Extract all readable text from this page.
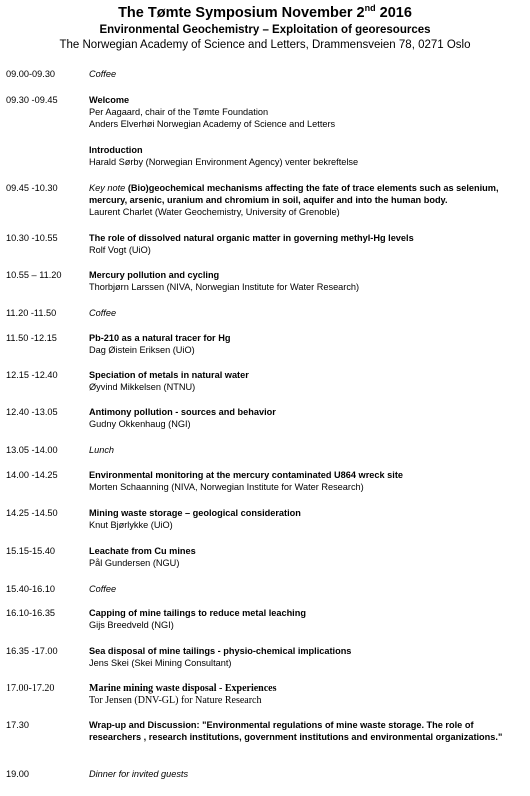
The Tømte Symposium November 2nd 2016
Environmental Geochemistry – Exploitation of georesources
The Norwegian Academy of Science and Letters, Drammensveien 78, 0271 Oslo
09.00-09.30	Coffee
09.30 -09.45	Welcome
Per Aagaard, chair of the Tømte Foundation
Anders Elverhøi Norwegian Academy of Science and Letters
Introduction
Harald Sørby (Norwegian Environment Agency) venter bekreftelse
09.45 -10.30	Key note (Bio)geochemical mechanisms affecting the fate of trace elements such as selenium, mercury, arsenic, uranium and chromium in soil, aquifer and into the human body.
Laurent Charlet (Water Geochemistry, University of Grenoble)
10.30 -10.55	The role of dissolved natural organic matter in governing methyl-Hg levels
Rolf Vogt (UiO)
10.55 – 11.20	Mercury pollution and cycling
Thorbjørn Larssen (NIVA, Norwegian Institute for Water Research)
11.20 -11.50	Coffee
11.50 -12.15	Pb-210 as a natural tracer for Hg
Dag Øistein Eriksen (UiO)
12.15 -12.40	Speciation of metals in natural water
Øyvind Mikkelsen (NTNU)
12.40 -13.05	Antimony pollution - sources and behavior
Gudny Okkenhaug (NGI)
13.05 -14.00	Lunch
14.00 -14.25	Environmental monitoring at the mercury contaminated U864 wreck site
Morten Schaanning (NIVA, Norwegian Institute for Water Research)
14.25 -14.50	Mining waste storage – geological consideration
Knut Bjørlykke (UiO)
15.15-15.40	Leachate from Cu mines
Pål Gundersen (NGU)
15.40-16.10	Coffee
16.10-16.35	Capping of mine tailings to reduce metal leaching
Gijs Breedveld (NGI)
16.35 -17.00	Sea disposal of mine tailings - physio-chemical implications
Jens Skei (Skei Mining Consultant)
17.00-17.20	Marine mining waste disposal - Experiences
Tor Jensen (DNV-GL) for Nature Research
17.30	Wrap-up and Discussion: "Environmental regulations of mine waste storage. The role of researchers , research institutions, government institutions and environmental organizations."
19.00	Dinner for invited guests
